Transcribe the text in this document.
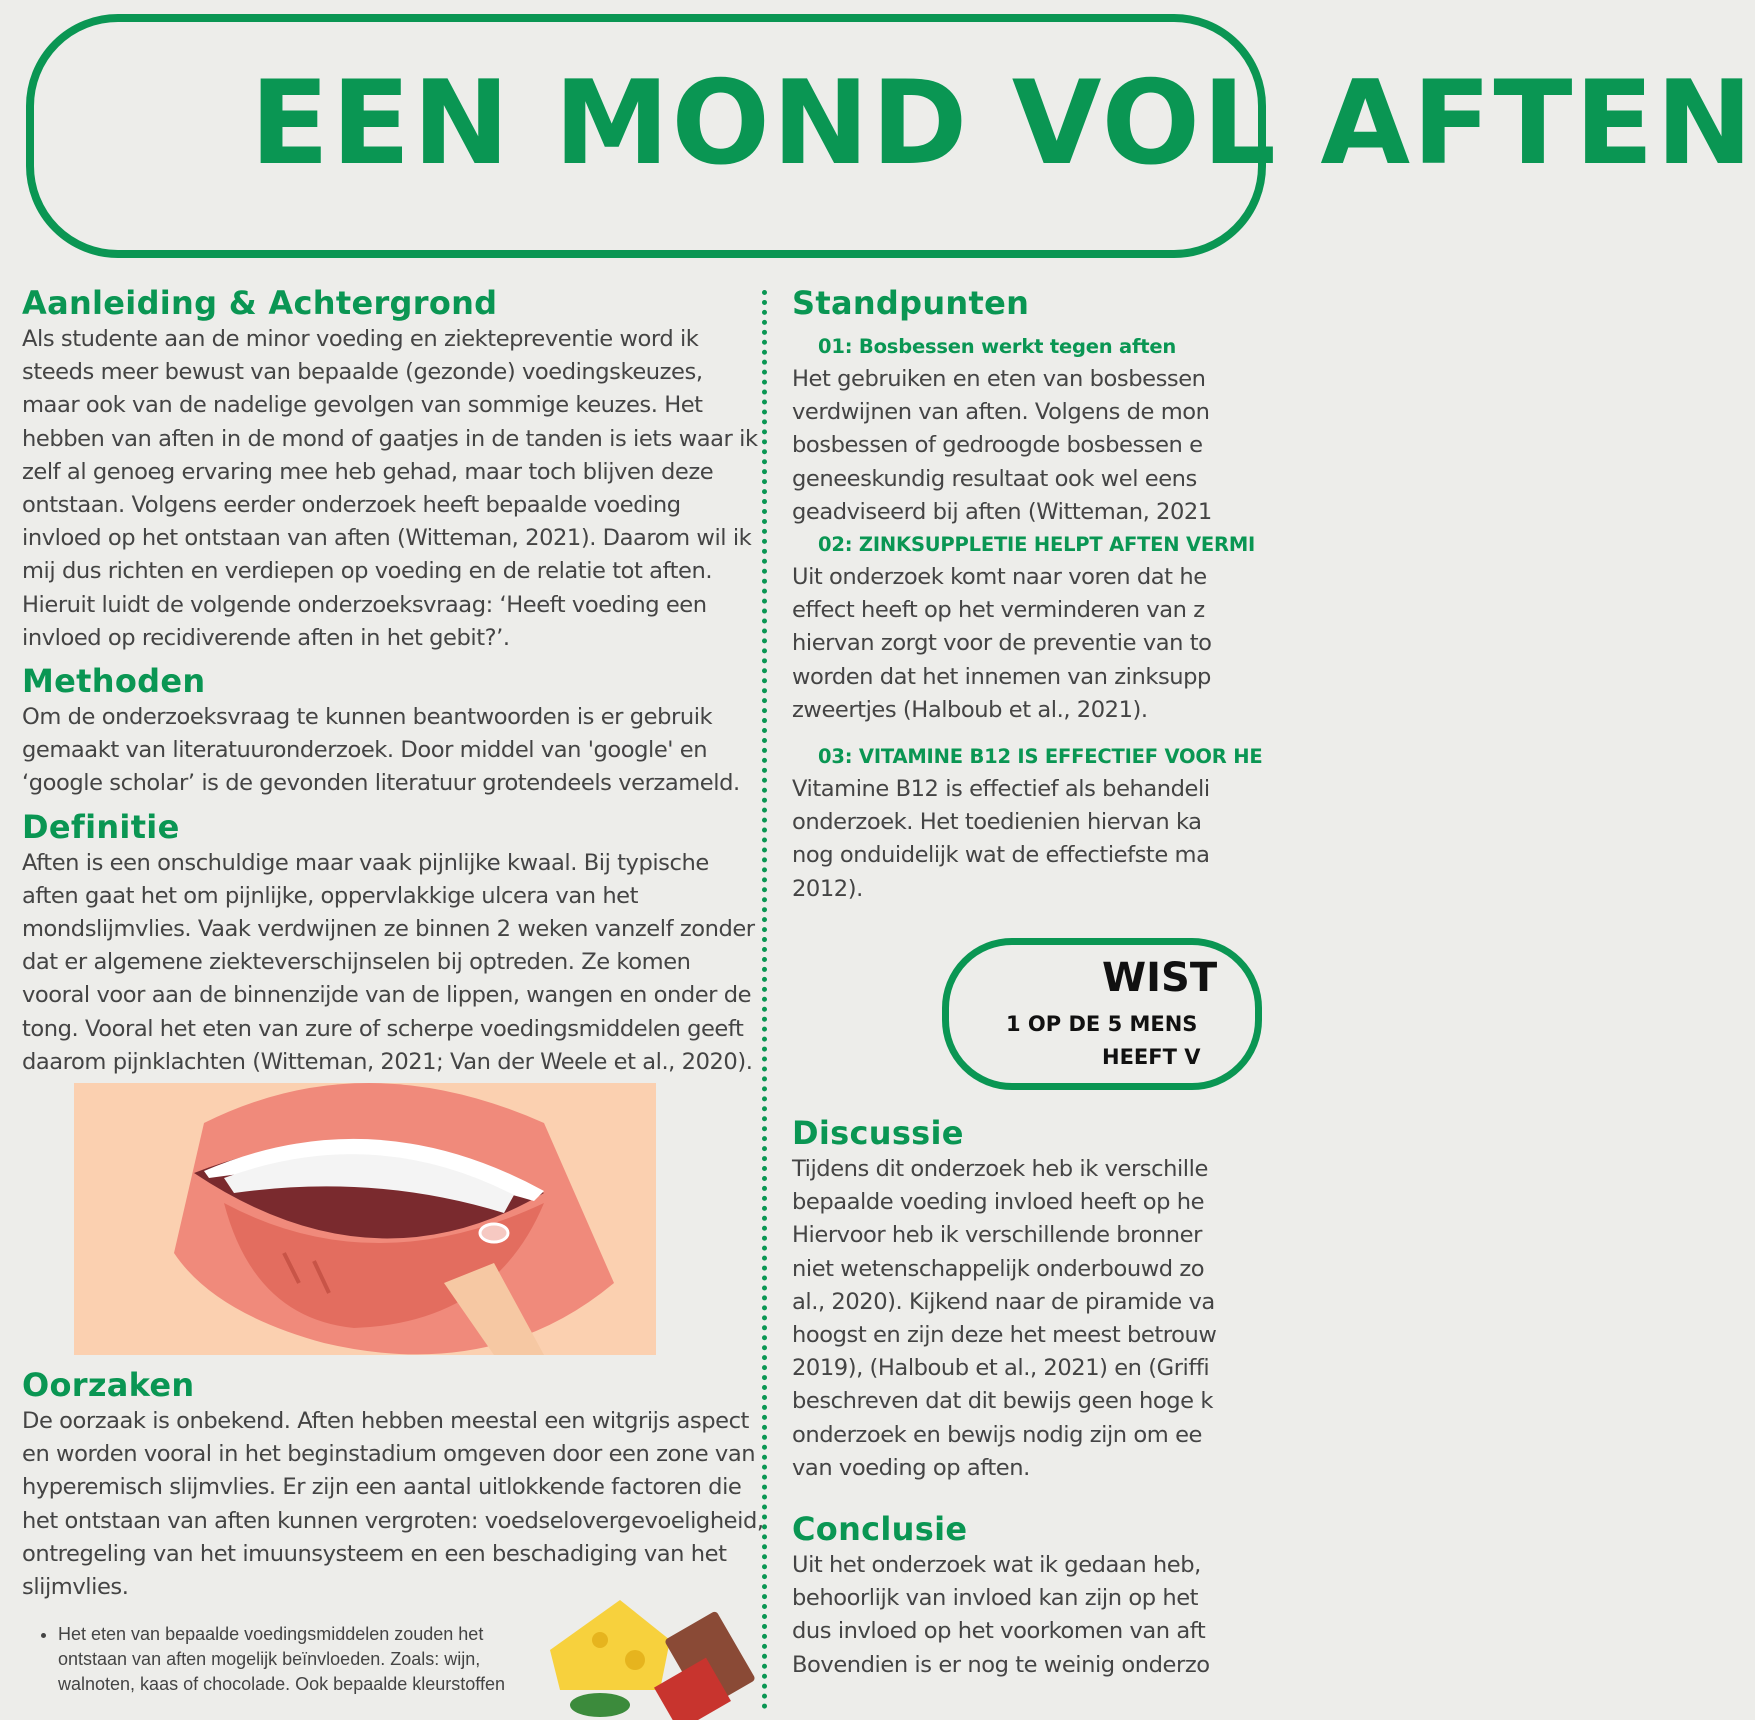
EEN MOND VOL AFTEN
Aanleiding & Achtergrond

Als studente aan de minor voeding en ziektepreventie word ik
steeds meer bewust van bepaalde (gezonde) voedingskeuzes,
maar ook van de nadelige gevolgen van sommige keuzes. Het
hebben van aften in de mond of gaatjes in de tanden is iets waar ik
zelf al genoeg ervaring mee heb gehad, maar toch blijven deze
ontstaan. Volgens eerder onderzoek heeft bepaalde voeding
invloed op het ontstaan van aften (Witteman, 2021). Daarom wil ik
mij dus richten en verdiepen op voeding en de relatie tot aften.
Hieruit luidt de volgende onderzoeksvraag: ‘Heeft voeding een
invloed op recidiverende aften in het gebit?’.

Methoden

Om de onderzoeksvraag te kunnen beantwoorden is er gebruik
gemaakt van literatuuronderzoek. Door middel van 'google' en
‘google scholar’ is de gevonden literatuur grotendeels verzameld.

Definitie

Aften is een onschuldige maar vaak pijnlijke kwaal. Bij typische
aften gaat het om pijnlijke, oppervlakkige ulcera van het
mondslijmvlies. Vaak verdwijnen ze binnen 2 weken vanzelf zonder
dat er algemene ziekteverschijnselen bij optreden. Ze komen
vooral voor aan de binnenzijde van de lippen, wangen en onder de
tong. Vooral het eten van zure of scherpe voedingsmiddelen geeft
daarom pijnklachten (Witteman, 2021; Van der Weele et al., 2020).

Oorzaken

De oorzaak is onbekend. Aften hebben meestal een witgrijs aspect
en worden vooral in het beginstadium omgeven door een zone van
hyperemisch slijmvlies. Er zijn een aantal uitlokkende factoren die
het ontstaan van aften kunnen vergroten: voedselovergevoeligheid,
ontregeling van het imuunsysteem en een beschadiging van het
slijmvlies.

• Het eten van bepaalde voedingsmiddelen zouden het ontstaan van aften mogelijk beïnvloeden. Zoals: wijn, walnoten, kaas of chocolade. Ook bepaalde kleurstoffen
Standpunten
01: Bosbessen werkt tegen aften

Het gebruiken en eten van bosbessen
verdwijnen van aften. Volgens de mon
bosbessen of gedroogde bosbessen e
geneeskundig resultaat ook wel eens
geadviseerd bij aften (Witteman, 2021

02: ZINKSUPPLETIE HELPT AFTEN VERMI

Uit onderzoek komt naar voren dat he
effect heeft op het verminderen van z
hiervan zorgt voor de preventie van to
worden dat het innemen van zinksupp
zweertjes (Halboub et al., 2021).

03: VITAMINE B12 IS EFFECTIEF VOOR HE

Vitamine B12 is effectief als behandeli
onderzoek. Het toedienien hiervan ka
nog onduidelijk wat de effectiefste ma
2012).

WIST
1 OP DE 5 MENS
HEEFT V
Discussie

Tijdens dit onderzoek heb ik verschille
bepaalde voeding invloed heeft op he
Hiervoor heb ik verschillende bronner
niet wetenschappelijk onderbouwd zo
al., 2020). Kijkend naar de piramide va
hoogst en zijn deze het meest betrouw
2019), (Halboub et al., 2021) en (Griffi
beschreven dat dit bewijs geen hoge k
onderzoek en bewijs nodig zijn om ee
van voeding op aften.

Conclusie

Uit het onderzoek wat ik gedaan heb,
behoorlijk van invloed kan zijn op het
dus invloed op het voorkomen van aft
Bovendien is er nog te weinig onderzo
